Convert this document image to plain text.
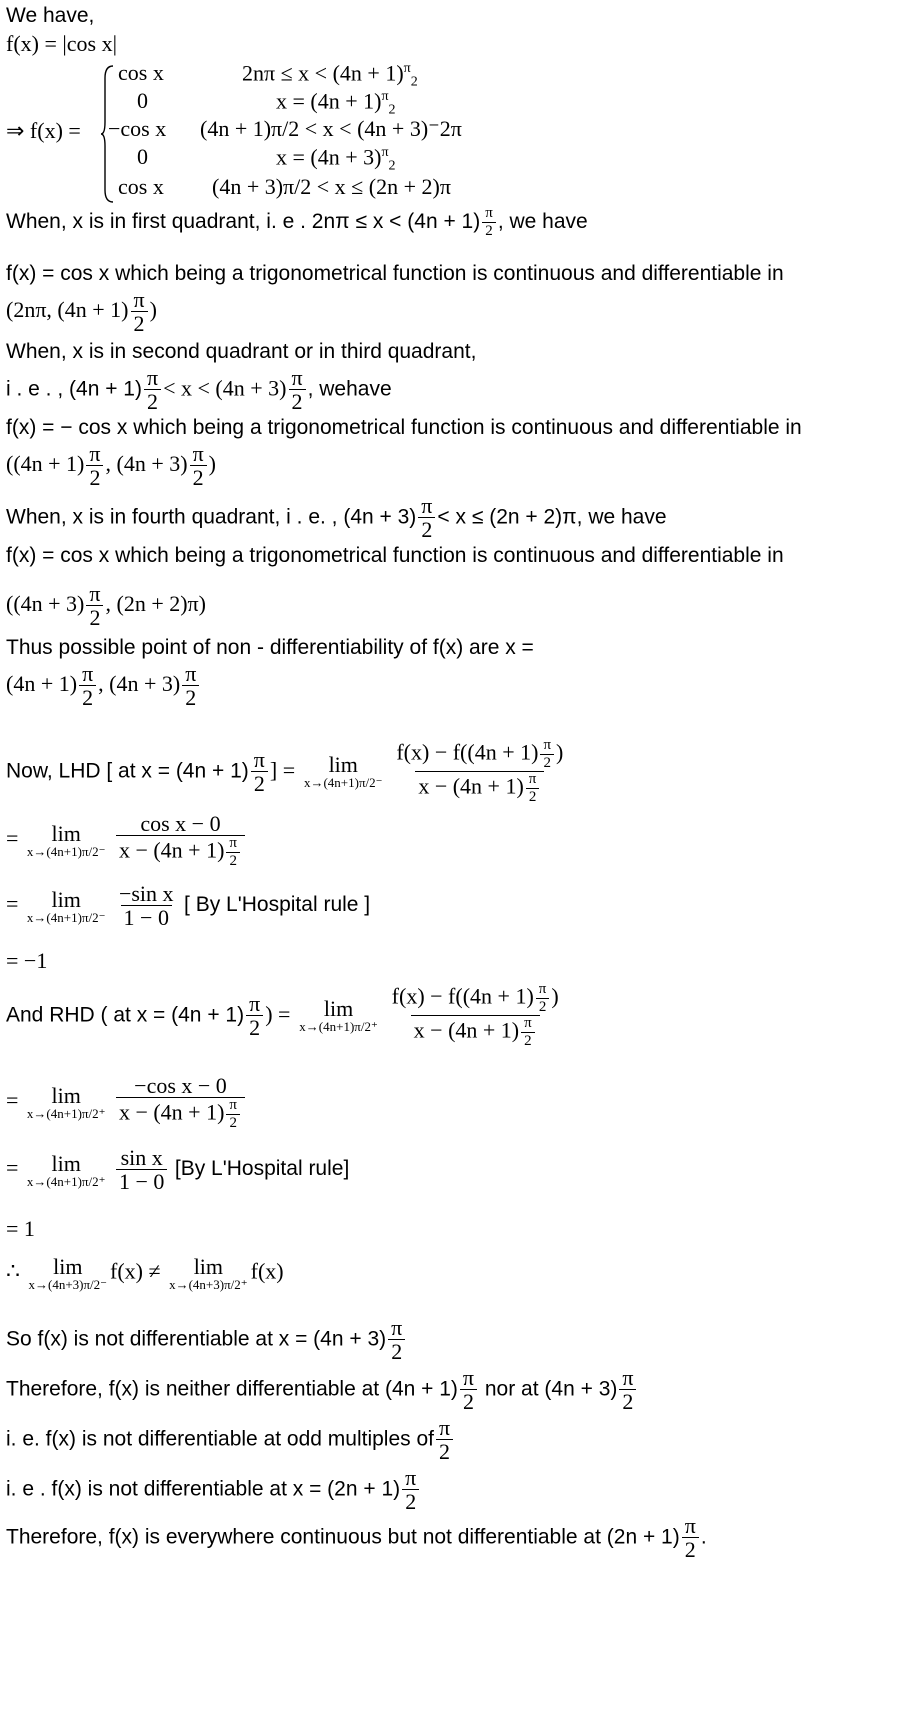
We have,
f(x) = |cos x|
⇒ f(x) =
cos x	$2n\pi \le x < (4n + 1)^\pi_2$
0	$x = (4n + 1)^\pi_2$
−cos x (4n + 1)π/2 < x < (4n + 3)⁻2π
0	$x = (4n + 3)^\pi_2$
cos x (4n + 3)π/2 < x ≤ (2n + 2)π
When, x is in first quadrant, i. e . $2n\pi \le x < (4n + 1) \frac{\pi}{2}$ , we have
f(x) = cos x which being a trigonometrical function is continuous and differentiable in
(2nπ, $(4n + 1) \frac{\pi}{2}$ )
When, x is in second quadrant or in third quadrant,
i . e . , $(4n + 1) \frac{\pi}{2} < x < (4n + 3) \frac{\pi}{2}$ , wehave
f(x) = − cos x which being a trigonometrical function is continuous and differentiable in
($(4n + 1) \frac{\pi}{2}$ , $(4n + 3) \frac{\pi}{2}$ )
When, x is in fourth quadrant, i . e. , $(4n + 3) \frac{\pi}{2} < x \le (2n + 2)\pi$, we have
f(x) = cos x which being a trigonometrical function is continuous and differentiable in
($(4n + 3) \frac{\pi}{2}$ , (2n + 2)π)
Thus possible point of non - differentiability of f(x) are x =
$(4n + 1) \frac{\pi}{2}$ , $(4n + 3) \frac{\pi}{2}$
Now, LHD [ at $x = (4n + 1) \frac{\pi}{2}$ ] = lim
x→(4n+1)π/2⁻
$\frac{f(x) - f((4n + 1) \frac{\pi}{2} )}{x - (4n + 1) \frac{\pi}{2}}$
= lim
x→(4n+1)π/2⁻
$\frac{\text{cos x − 0}}{x - (4n + 1) \frac{\pi}{2}}$
= lim
x→(4n+1)π/2⁻
$\frac{\text{−sin x}}{1 - 0}$ [ By L'Hospital rule ]
= −1
And RHD ( at $x = (4n + 1) \frac{\pi}{2}$ ) = lim
x→(4n+1)π/2⁺
$\frac{f(x) - f((4n + 1) \frac{\pi}{2} )}{x - (4n + 1) \frac{\pi}{2}}$
= lim
x→(4n+1)π/2⁺
$\frac{\text{−cos x − 0}}{x - (4n + 1) \frac{\pi}{2}}$
= lim
x→(4n+1)π/2⁺
$\frac{\text{sin x}}{1 - 0} [By$ L'Hospital rule]
= 1
∴ lim
x→(4n+3)π/2⁻
f(x) ≠ lim
x→(4n+3)π/2⁺
f(x)
So f(x) is not differentiable at $x = (4n + 3) \frac{\pi}{2}$
Therefore, f(x) is neither differentiable at $(4n + 1) \frac{\pi}{2}$ nor at $(4n + 3) \frac{\pi}{2}$
i. e. f(x) is not differentiable at odd multiples of $\frac{\pi}{2}$
i. e . f(x) is not differentiable at $x = (2n + 1) \frac{\pi}{2}$
Therefore, f(x) is everywhere continuous but not differentiable at $(2n + 1) \frac{\pi}{2}$ .
